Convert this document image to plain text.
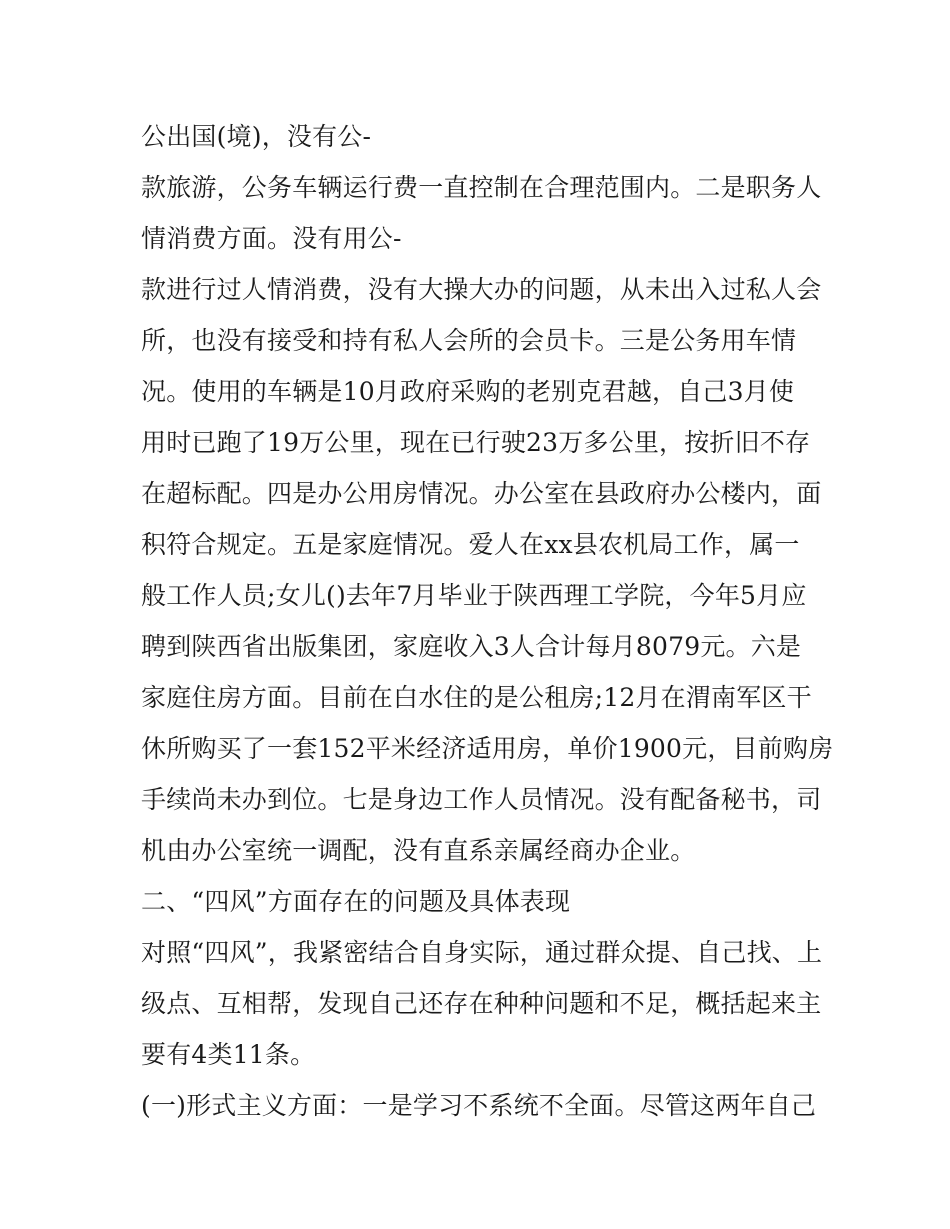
公出国(境)，没有公-
款旅游，公务车辆运行费一直控制在合理范围内。二是职务人
情消费方面。没有用公-
款进行过人情消费，没有大操大办的问题，从未出入过私人会
所，也没有接受和持有私人会所的会员卡。三是公务用车情
况。使用的车辆是10月政府采购的老别克君越，自己3月使
用时已跑了19万公里，现在已行驶23万多公里，按折旧不存
在超标配。四是办公用房情况。办公室在县政府办公楼内，面
积符合规定。五是家庭情况。爱人在xx县农机局工作，属一
般工作人员;女儿()去年7月毕业于陕西理工学院，今年5月应
聘到陕西省出版集团，家庭收入3人合计每月8079元。六是
家庭住房方面。目前在白水住的是公租房;12月在渭南军区干
休所购买了一套152平米经济适用房，单价1900元，目前购房
手续尚未办到位。七是身边工作人员情况。没有配备秘书，司
机由办公室统一调配，没有直系亲属经商办企业。
二、“四风”方面存在的问题及具体表现
对照“四风”，我紧密结合自身实际，通过群众提、自己找、上
级点、互相帮，发现自己还存在种种问题和不足，概括起来主
要有4类11条。
(一)形式主义方面：一是学习不系统不全面。尽管这两年自己
